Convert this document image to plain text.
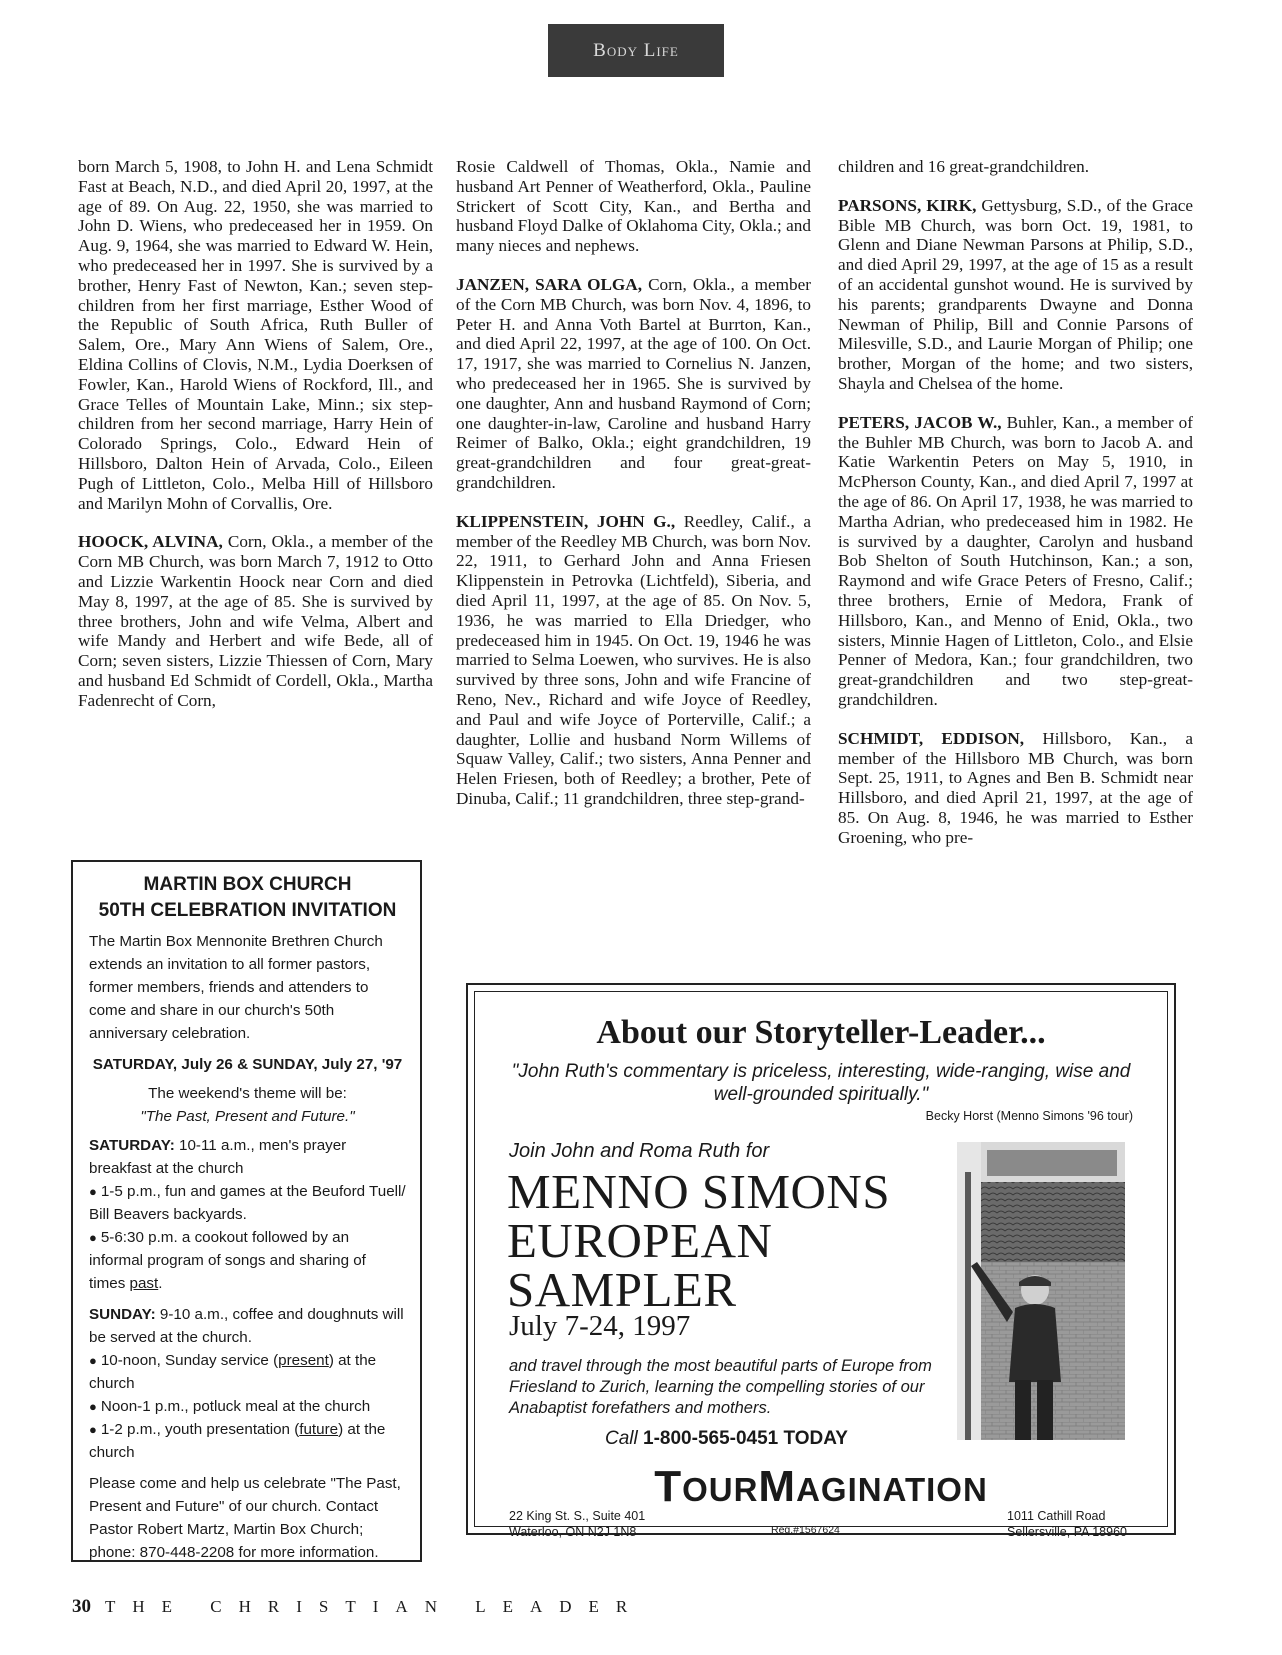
Body Life

born March 5, 1908, to John H. and Lena Schmidt Fast at Beach, N.D., and died April 20, 1997, at the age of 89. On Aug. 22, 1950, she was married to John D. Wiens, who predeceased her in 1959. On Aug. 9, 1964, she was married to Edward W. Hein, who predeceased her in 1997. She is survived by a brother, Henry Fast of Newton, Kan.; seven step-children from her first marriage, Esther Wood of the Republic of South Africa, Ruth Buller of Salem, Ore., Mary Ann Wiens of Salem, Ore., Eldina Collins of Clovis, N.M., Lydia Doerksen of Fowler, Kan., Harold Wiens of Rockford, Ill., and Grace Telles of Mountain Lake, Minn.; six step-children from her second marriage, Harry Hein of Colorado Springs, Colo., Edward Hein of Hillsboro, Dalton Hein of Arvada, Colo., Eileen Pugh of Littleton, Colo., Melba Hill of Hillsboro and Marilyn Mohn of Corvallis, Ore.

HOOCK, ALVINA, Corn, Okla., a member of the Corn MB Church, was born March 7, 1912 to Otto and Lizzie Warkentin Hoock near Corn and died May 8, 1997, at the age of 85. She is survived by three brothers, John and wife Velma, Albert and wife Mandy and Herbert and wife Bede, all of Corn; seven sisters, Lizzie Thiessen of Corn, Mary and husband Ed Schmidt of Cordell, Okla., Martha Fadenrecht of Corn,

Rosie Caldwell of Thomas, Okla., Namie and husband Art Penner of Weatherford, Okla., Pauline Strickert of Scott City, Kan., and Bertha and husband Floyd Dalke of Oklahoma City, Okla.; and many nieces and nephews.

JANZEN, SARA OLGA, Corn, Okla., a member of the Corn MB Church, was born Nov. 4, 1896, to Peter H. and Anna Voth Bartel at Burrton, Kan., and died April 22, 1997, at the age of 100. On Oct. 17, 1917, she was married to Cornelius N. Janzen, who predeceased her in 1965. She is survived by one daughter, Ann and husband Raymond of Corn; one daughter-in-law, Caroline and husband Harry Reimer of Balko, Okla.; eight grandchildren, 19 great-grandchildren and four great-great-grandchildren.

KLIPPENSTEIN, JOHN G., Reedley, Calif., a member of the Reedley MB Church, was born Nov. 22, 1911, to Gerhard John and Anna Friesen Klippenstein in Petrovka (Lichtfeld), Siberia, and died April 11, 1997, at the age of 85. On Nov. 5, 1936, he was married to Ella Driedger, who predeceased him in 1945. On Oct. 19, 1946 he was married to Selma Loewen, who survives. He is also survived by three sons, John and wife Francine of Reno, Nev., Richard and wife Joyce of Reedley, and Paul and wife Joyce of Porterville, Calif.; a daughter, Lollie and husband Norm Willems of Squaw Valley, Calif.; two sisters, Anna Penner and Helen Friesen, both of Reedley; a brother, Pete of Dinuba, Calif.; 11 grandchildren, three step-grand-

children and 16 great-grandchildren.

PARSONS, KIRK, Gettysburg, S.D., of the Grace Bible MB Church, was born Oct. 19, 1981, to Glenn and Diane Newman Parsons at Philip, S.D., and died April 29, 1997, at the age of 15 as a result of an accidental gunshot wound. He is survived by his parents; grandparents Dwayne and Donna Newman of Philip, Bill and Connie Parsons of Milesville, S.D., and Laurie Morgan of Philip; one brother, Morgan of the home; and two sisters, Shayla and Chelsea of the home.

PETERS, JACOB W., Buhler, Kan., a member of the Buhler MB Church, was born to Jacob A. and Katie Warkentin Peters on May 5, 1910, in McPherson County, Kan., and died April 7, 1997 at the age of 86. On April 17, 1938, he was married to Martha Adrian, who predeceased him in 1982. He is survived by a daughter, Carolyn and husband Bob Shelton of South Hutchinson, Kan.; a son, Raymond and wife Grace Peters of Fresno, Calif.; three brothers, Ernie of Medora, Frank of Hillsboro, Kan., and Menno of Enid, Okla., two sisters, Minnie Hagen of Littleton, Colo., and Elsie Penner of Medora, Kan.; four grandchildren, two great-grandchildren and two step-great-grandchildren.

SCHMIDT, EDDISON, Hillsboro, Kan., a member of the Hillsboro MB Church, was born Sept. 25, 1911, to Agnes and Ben B. Schmidt near Hillsboro, and died April 21, 1997, at the age of 85. On Aug. 8, 1946, he was married to Esther Groening, who pre-

MARTIN BOX CHURCH
50TH CELEBRATION INVITATION

The Martin Box Mennonite Brethren Church extends an invitation to all former pastors, former members, friends and attenders to come and share in our church's 50th anniversary celebration.

SATURDAY, July 26 & SUNDAY, July 27, '97
The weekend's theme will be:
"The Past, Present and Future."

SATURDAY: 10-11 a.m., men's prayer breakfast at the church
● 1-5 p.m., fun and games at the Beuford Tuell/ Bill Beavers backyards.
● 5-6:30 p.m. a cookout followed by an informal program of songs and sharing of times past.

SUNDAY: 9-10 a.m., coffee and doughnuts will be served at the church.
● 10-noon, Sunday service (present) at the church
● Noon-1 p.m., potluck meal at the church
● 1-2 p.m., youth presentation (future) at the church

Please come and help us celebrate "The Past, Present and Future" of our church. Contact Pastor Robert Martz, Martin Box Church; phone: 870-448-2208 for more information.

About our Storyteller-Leader...
"John Ruth's commentary is priceless, interesting, wide-ranging, wise and well-grounded spiritually."
Becky Horst (Menno Simons '96 tour)
Join John and Roma Ruth for
MENNO SIMONS
EUROPEAN
SAMPLER
July 7-24, 1997
and travel through the most beautiful parts of Europe from Friesland to Zurich, learning the compelling stories of our Anabaptist forefathers and mothers.
Call 1-800-565-0451 TODAY
TOURMAGINATION
22 King St. S., Suite 401
Waterloo, ON N2J 1N8	Reg.#1567624
1011 Cathill Road
Sellersville, PA 18960
30 THE CHRISTIAN LEADER
